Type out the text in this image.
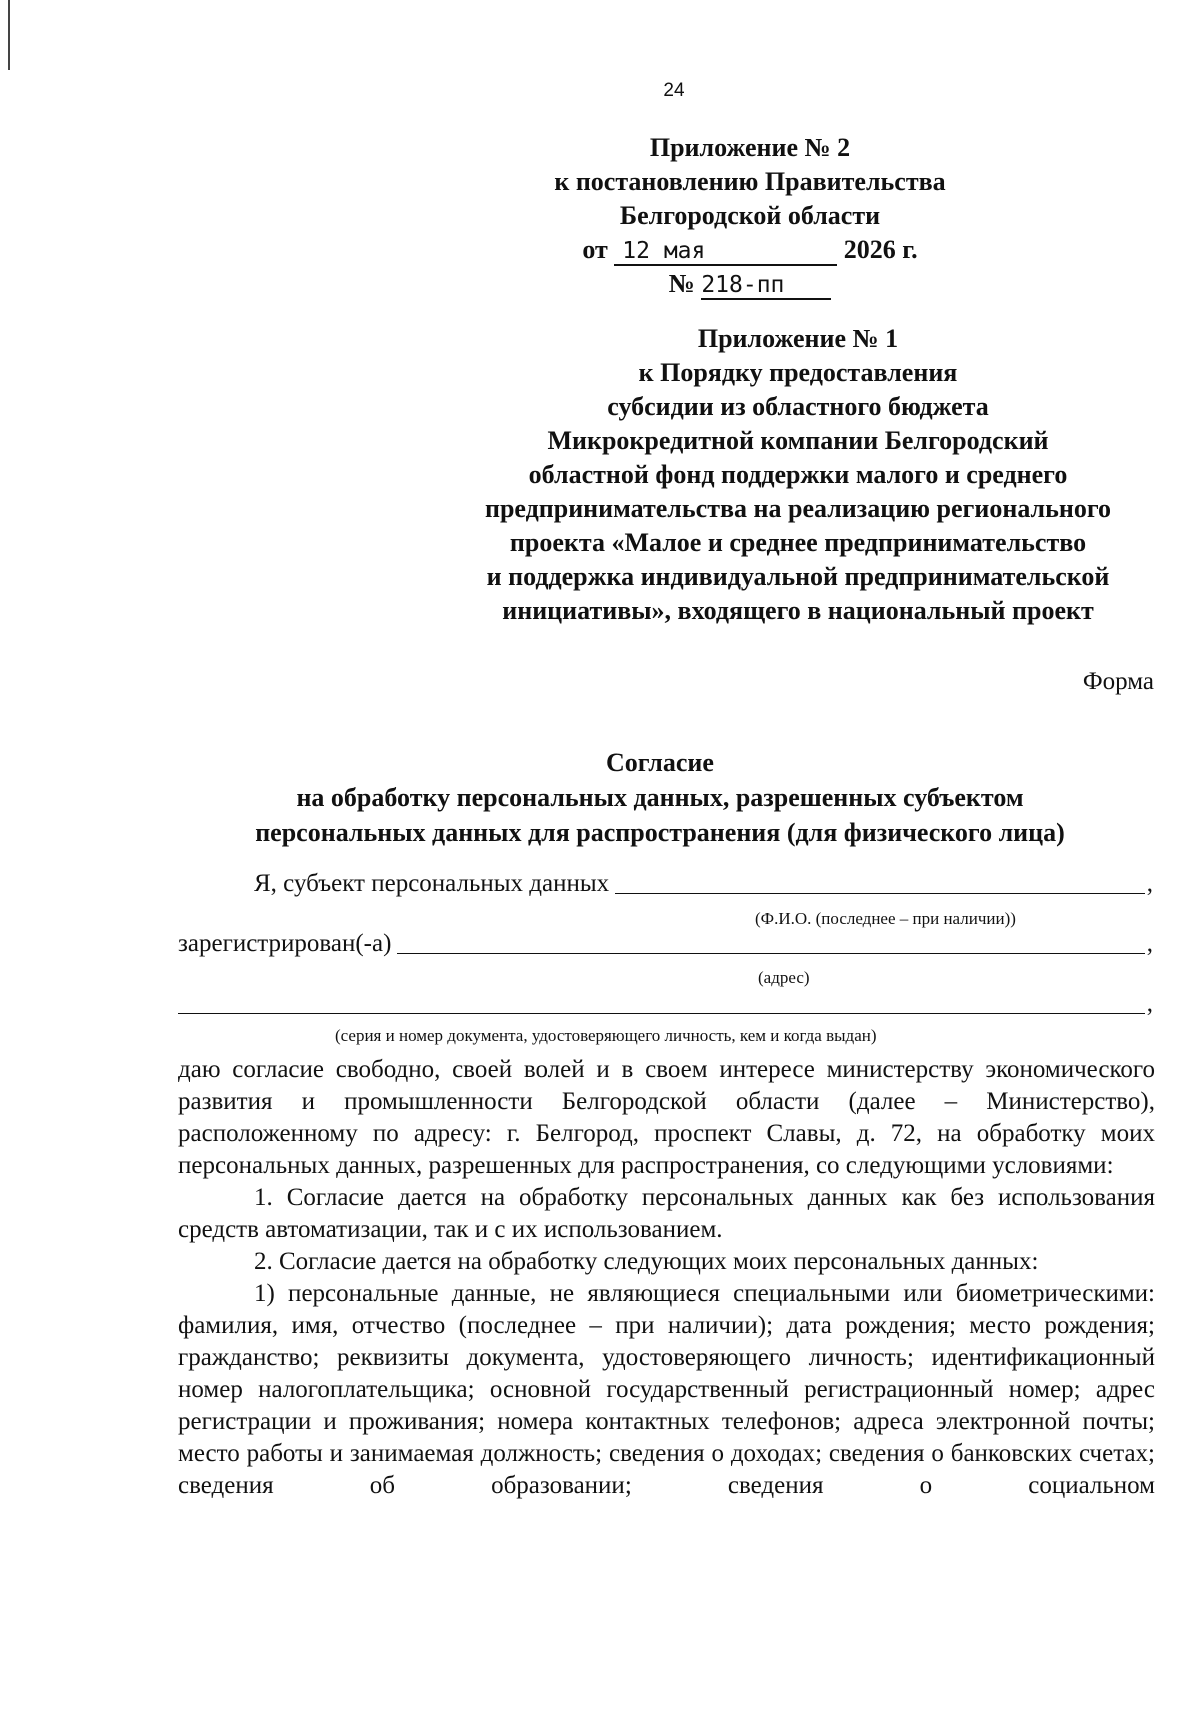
24
Приложение № 2
к постановлению Правительства
Белгородской области
от 12 мая	2026 г.
№ 218-пп
Приложение № 1
к Порядку предоставления
субсидии из областного бюджета
Микрокредитной компании Белгородский
областной фонд поддержки малого и среднего
предпринимательства на реализацию регионального
проекта «Малое и среднее предпринимательство
и поддержка индивидуальной предпринимательской
инициативы», входящего в национальный проект
Форма
Согласие
на обработку персональных данных, разрешенных субъектом
персональных данных для распространения (для физического лица)
Я, субъект персональных данных	,
(Ф.И.О. (последнее – при наличии))
зарегистрирован(-а)	,
(адрес)
,
(серия и номер документа, удостоверяющего личность, кем и когда выдан)

даю согласие свободно, своей волей и в своем интересе министерству экономического развития и промышленности Белгородской области (далее – Министерство), расположенному по адресу: г. Белгород, проспект Славы, д. 72, на обработку моих персональных данных, разрешенных для распространения, со следующими условиями:

1. Согласие дается на обработку персональных данных как без использования средств автоматизации, так и с их использованием.

2. Согласие дается на обработку следующих моих персональных данных:

1) персональные данные, не являющиеся специальными или биометрическими: фамилия, имя, отчество (последнее – при наличии); дата рождения; место рождения; гражданство; реквизиты документа, удостоверяющего личность; идентификационный номер налогоплательщика; основной государственный регистрационный номер; адрес регистрации и проживания; номера контактных телефонов; адреса электронной почты; место работы и занимаемая должность; сведения о доходах; сведения о банковских счетах; сведения об образовании; сведения о социальном
